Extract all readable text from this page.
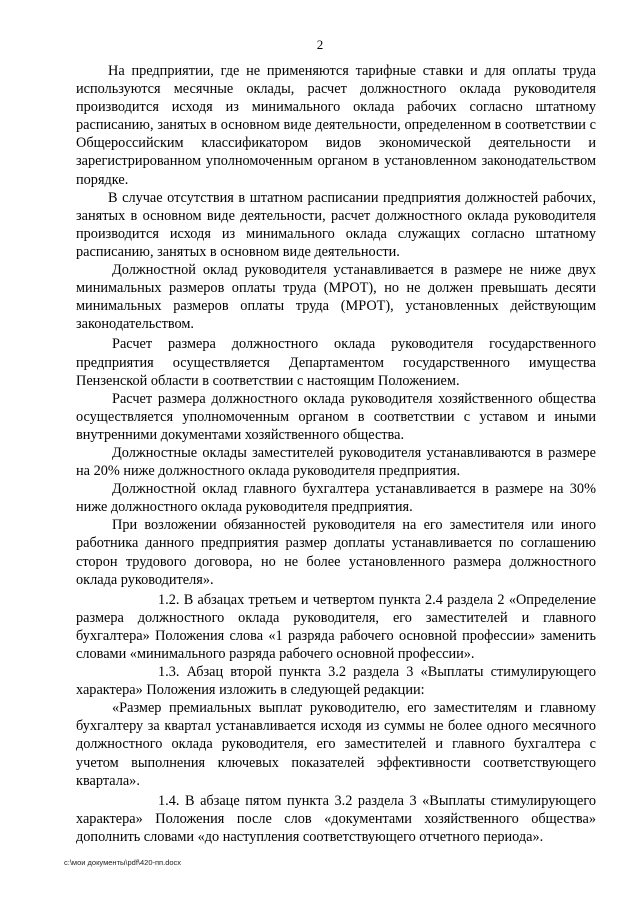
2

На предприятии, где не применяются тарифные ставки и для оплаты труда используются месячные оклады, расчет должностного оклада руководителя производится исходя из минимального оклада рабочих согласно штатному расписанию, занятых в основном виде деятельности, определенном в соответствии с Общероссийским классификатором видов экономической деятельности и зарегистрированном уполномоченным органом в установленном законодательством порядке.

В случае отсутствия в штатном расписании предприятия должностей рабочих, занятых в основном виде деятельности, расчет должностного оклада руководителя производится исходя из минимального оклада служащих согласно штатному расписанию, занятых в основном виде деятельности.

Должностной оклад руководителя устанавливается в размере не ниже двух минимальных размеров оплаты труда (МРОТ), но не должен превышать десяти минимальных размеров оплаты труда (МРОТ), установленных действующим законодательством.

Расчет размера должностного оклада руководителя государственного предприятия осуществляется Департаментом государственного имущества Пензенской области в соответствии с настоящим Положением.

Расчет размера должностного оклада руководителя хозяйственного общества осуществляется уполномоченным органом в соответствии с уставом и иными внутренними документами хозяйственного общества.

Должностные оклады заместителей руководителя устанавливаются в размере на 20% ниже должностного оклада руководителя предприятия.

Должностной оклад главного бухгалтера устанавливается в размере на 30% ниже должностного оклада руководителя предприятия.

При возложении обязанностей руководителя на его заместителя или иного работника данного предприятия размер доплаты устанавливается по соглашению сторон трудового договора, но не более установленного размера должностного оклада руководителя».

1.2. В абзацах третьем и четвертом пункта 2.4 раздела 2 «Определение размера должностного оклада руководителя, его заместителей и главного бухгалтера» Положения слова «1 разряда рабочего основной профессии» заменить словами «минимального разряда рабочего основной профессии».

1.3. Абзац второй пункта 3.2 раздела 3 «Выплаты стимулирующего характера» Положения изложить в следующей редакции:

«Размер премиальных выплат руководителю, его заместителям и главному бухгалтеру за квартал устанавливается исходя из суммы не более одного месячного должностного оклада руководителя, его заместителей и главного бухгалтера с учетом выполнения ключевых показателей эффективности соответствующего квартала».

1.4. В абзаце пятом пункта 3.2 раздела 3 «Выплаты стимулирующего характера» Положения после слов «документами хозяйственного общества» дополнить словами «до наступления соответствующего отчетного периода».

c:\мои документы\pdf\420-пп.docx
